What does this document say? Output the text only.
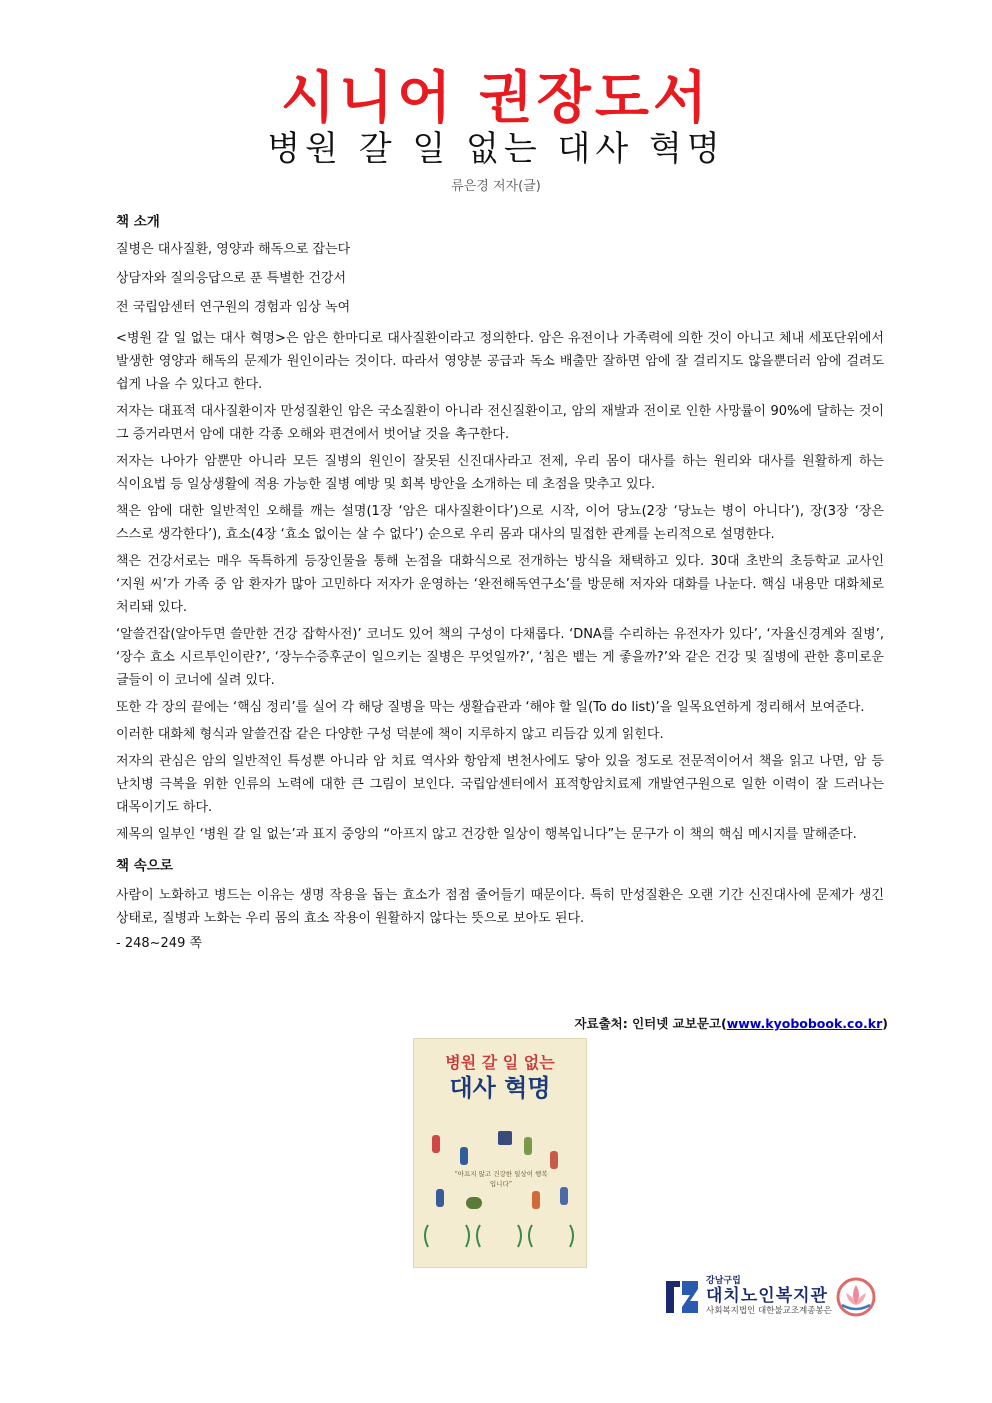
시니어 권장도서
병원 갈 일 없는 대사 혁명
류은경 저자(글)
책 소개
질병은 대사질환, 영양과 해독으로 잡는다
상담자와 질의응답으로 푼 특별한 건강서
전 국립암센터 연구원의 경험과 임상 녹여

<병원 갈 일 없는 대사 혁명>은 암은 한마디로 대사질환이라고 정의한다. 암은 유전이나 가족력에 의한 것이 아니고 체내 세포단위에서 발생한 영양과 해독의 문제가 원인이라는 것이다. 따라서 영양분 공급과 독소 배출만 잘하면 암에 잘 걸리지도 않을뿐더러 암에 걸려도 쉽게 나을 수 있다고 한다.

저자는 대표적 대사질환이자 만성질환인 암은 국소질환이 아니라 전신질환이고, 암의 재발과 전이로 인한 사망률이 90%에 달하는 것이 그 증거라면서 암에 대한 각종 오해와 편견에서 벗어날 것을 촉구한다.

저자는 나아가 암뿐만 아니라 모든 질병의 원인이 잘못된 신진대사라고 전제, 우리 몸이 대사를 하는 원리와 대사를 원활하게 하는 식이요법 등 일상생활에 적용 가능한 질병 예방 및 회복 방안을 소개하는 데 초점을 맞추고 있다.

책은 암에 대한 일반적인 오해를 깨는 설명(1장 ‘암은 대사질환이다’)으로 시작, 이어 당뇨(2장 ‘당뇨는 병이 아니다’), 장(3장 ‘장은 스스로 생각한다’), 효소(4장 ‘효소 없이는 살 수 없다’) 순으로 우리 몸과 대사의 밀접한 관계를 논리적으로 설명한다.

책은 건강서로는 매우 독특하게 등장인물을 통해 논점을 대화식으로 전개하는 방식을 채택하고 있다. 30대 초반의 초등학교 교사인 ‘지원 씨’가 가족 중 암 환자가 많아 고민하다 저자가 운영하는 ‘완전해독연구소’를 방문해 저자와 대화를 나눈다. 핵심 내용만 대화체로 처리돼 있다.

‘알쓸건잡(알아두면 쓸만한 건강 잡학사전)’ 코너도 있어 책의 구성이 다채롭다. ‘DNA를 수리하는 유전자가 있다’, ‘자율신경계와 질병’, ‘장수 효소 시르투인이란?’, ‘장누수증후군이 일으키는 질병은 무엇일까?’, ‘침은 뱉는 게 좋을까?’와 같은 건강 및 질병에 관한 흥미로운 글들이 이 코너에 실려 있다.

또한 각 장의 끝에는 ‘핵심 정리’를 실어 각 해당 질병을 막는 생활습관과 ‘해야 할 일(To do list)’을 일목요연하게 정리해서 보여준다.

이러한 대화체 형식과 알쓸건잡 같은 다양한 구성 덕분에 책이 지루하지 않고 리듬감 있게 읽힌다.

저자의 관심은 암의 일반적인 특성뿐 아니라 암 치료 역사와 항암제 변천사에도 닿아 있을 정도로 전문적이어서 책을 읽고 나면, 암 등 난치병 극복을 위한 인류의 노력에 대한 큰 그림이 보인다. 국립암센터에서 표적항암치료제 개발연구원으로 일한 이력이 잘 드러나는 대목이기도 하다.

제목의 일부인 ‘병원 갈 일 없는’과 표지 중앙의 “아프지 않고 건강한 일상이 행복입니다”는 문구가 이 책의 핵심 메시지를 말해준다.

책 속으로

사람이 노화하고 병드는 이유는 생명 작용을 돕는 효소가 점점 줄어들기 때문이다. 특히 만성질환은 오랜 기간 신진대사에 문제가 생긴 상태로, 질병과 노화는 우리 몸의 효소 작용이 원활하지 않다는 뜻으로 보아도 된다.

- 248~249 쪽
자료출처: 인터넷 교보문고(www.kyobobook.co.kr)
병원 갈 일 없는
대사 혁명
“아프지 않고 건강한 일상이 행복입니다”
강남구립
대치노인복지관
사회복지법인 대한불교조계종봉은
